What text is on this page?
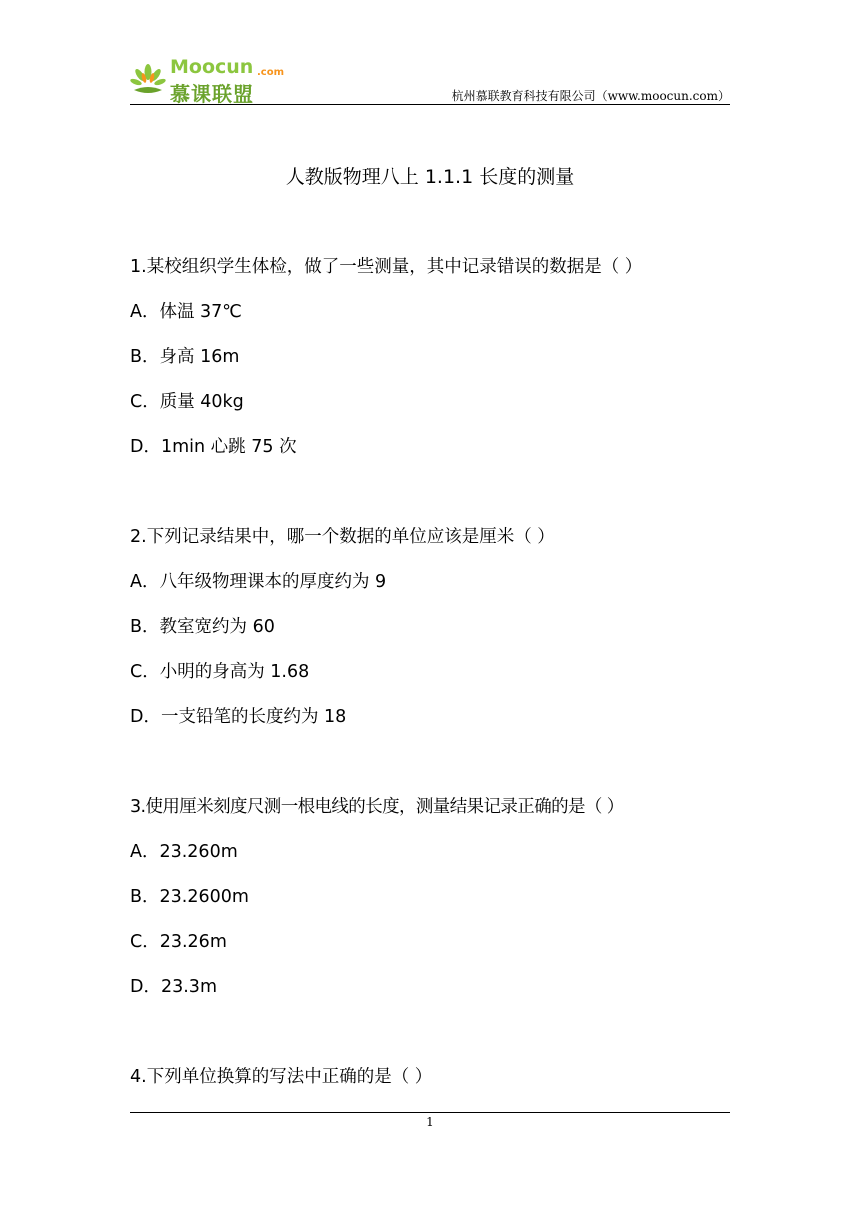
Moocun .com
慕课联盟	杭州慕联教育科技有限公司（www.moocun.com）
人教版物理八上 1.1.1 长度的测量
1.某校组织学生体检，做了一些测量，其中记录错误的数据是（ ）
A．体温 37℃
B．身高 16m
C．质量 40kg
D．1min 心跳 75 次
2.下列记录结果中，哪一个数据的单位应该是厘米（ ）
A．八年级物理课本的厚度约为 9
B．教室宽约为 60
C．小明的身高为 1.68
D．一支铅笔的长度约为 18
3.使用厘米刻度尺测一根电线的长度，测量结果记录正确的是（ ）
A．23.260m
B．23.2600m
C．23.26m
D．23.3m
4.下列单位换算的写法中正确的是（ ）
1
